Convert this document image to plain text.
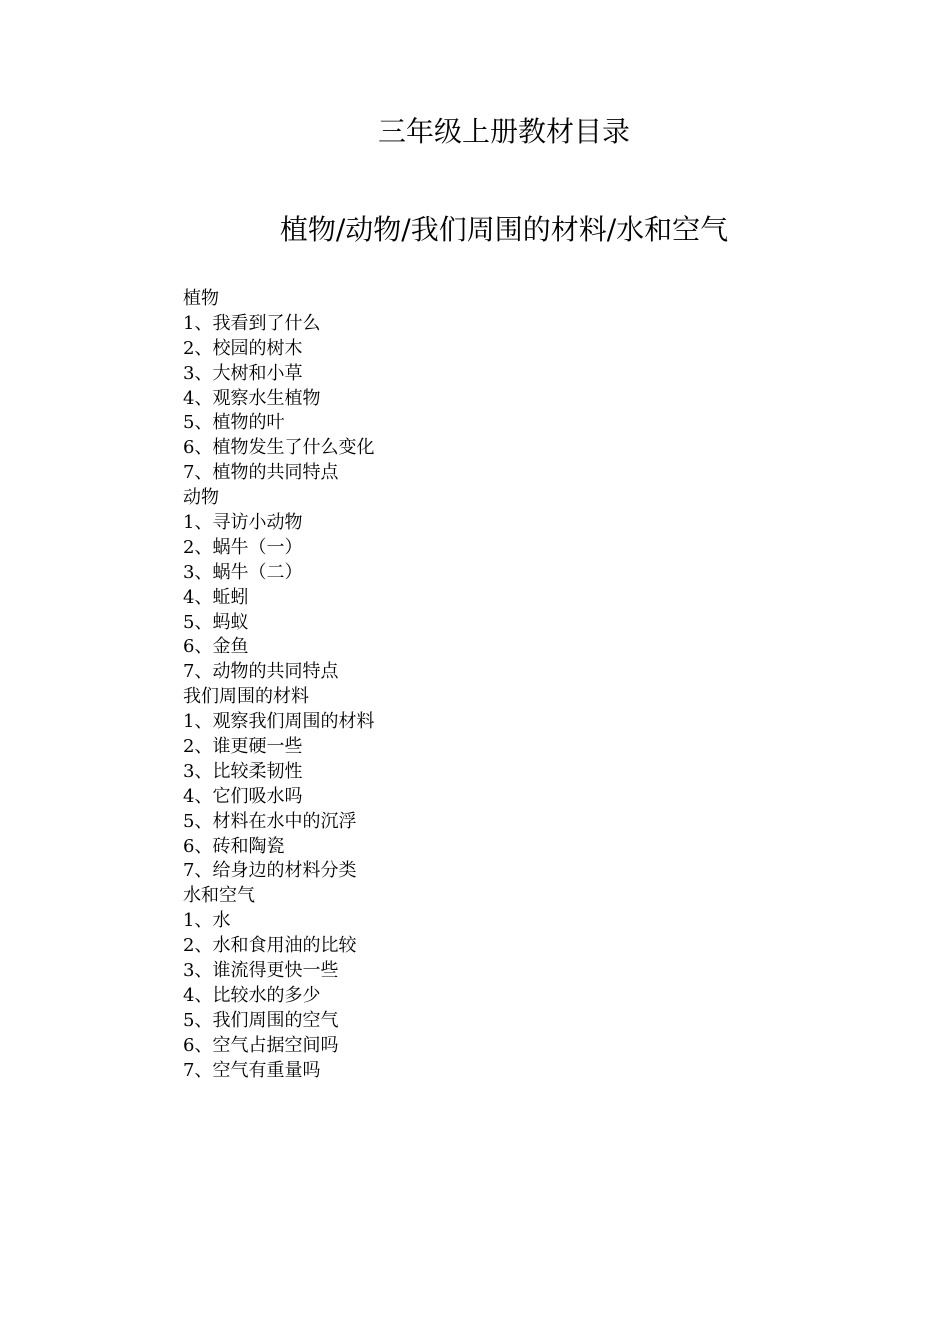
三年级上册教材目录
植物/动物/我们周围的材料/水和空气
植物
1、我看到了什么
2、校园的树木
3、大树和小草
4、观察水生植物
5、植物的叶
6、植物发生了什么变化
7、植物的共同特点
动物
1、寻访小动物
2、蜗牛（一）
3、蜗牛（二）
4、蚯蚓
5、蚂蚁
6、金鱼
7、动物的共同特点
我们周围的材料
1、观察我们周围的材料
2、谁更硬一些
3、比较柔韧性
4、它们吸水吗
5、材料在水中的沉浮
6、砖和陶瓷
7、给身边的材料分类
水和空气
1、水
2、水和食用油的比较
3、谁流得更快一些
4、比较水的多少
5、我们周围的空气
6、空气占据空间吗
7、空气有重量吗
